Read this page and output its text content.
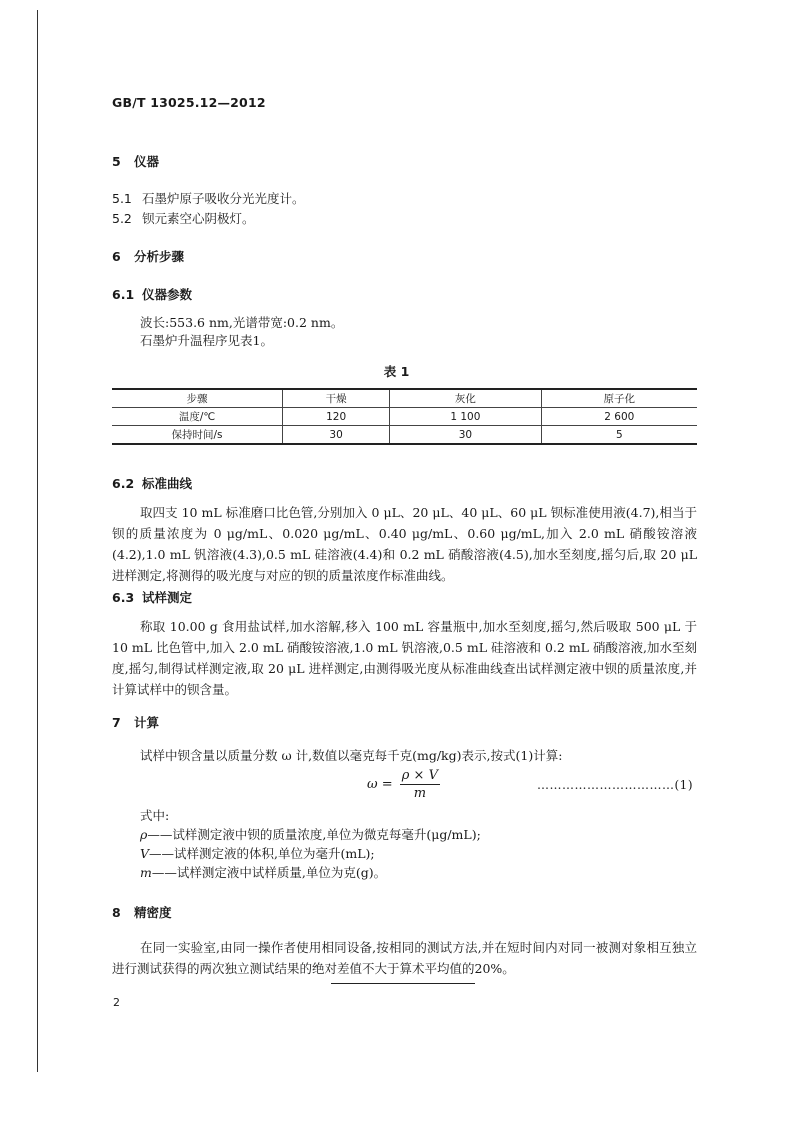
GB/T 13025.12—2012
5 仪器
5.1 石墨炉原子吸收分光光度计。
5.2 钡元素空心阴极灯。
6 分析步骤
6.1 仪器参数
波长:553.6 nm,光谱带宽:0.2 nm。
石墨炉升温程序见表1。
表 1
步骤	干燥	灰化	原子化
温度/℃	120	1 100	2 600
保持时间/s	30	30	5
6.2 标准曲线
取四支 10 mL 标准磨口比色管,分别加入 0 μL、20 μL、40 μL、60 μL 钡标准使用液(4.7),相当于钡的质量浓度为 0 μg/mL、0.020 μg/mL、0.40 μg/mL、0.60 μg/mL,加入 2.0 mL 硝酸铵溶液(4.2),1.0 mL 钒溶液(4.3),0.5 mL 硅溶液(4.4)和 0.2 mL 硝酸溶液(4.5),加水至刻度,摇匀后,取 20 μL 进样测定,将测得的吸光度与对应的钡的质量浓度作标准曲线。
6.3 试样测定
称取 10.00 g 食用盐试样,加水溶解,移入 100 mL 容量瓶中,加水至刻度,摇匀,然后吸取 500 μL 于 10 mL 比色管中,加入 2.0 mL 硝酸铵溶液,1.0 mL 钒溶液,0.5 mL 硅溶液和 0.2 mL 硝酸溶液,加水至刻度,摇匀,制得试样测定液,取 20 μL 进样测定,由测得吸光度从标准曲线查出试样测定液中钡的质量浓度,并计算试样中的钡含量。
7 计算
试样中钡含量以质量分数 ω 计,数值以毫克每千克(mg/kg)表示,按式(1)计算:
$\omega = \frac{\rho \times V}{m}$	……………………………(1)
式中:
ρ——试样测定液中钡的质量浓度,单位为微克每毫升(μg/mL);
V——试样测定液的体积,单位为毫升(mL);
m——试样测定液中试样质量,单位为克(g)。
8 精密度
在同一实验室,由同一操作者使用相同设备,按相同的测试方法,并在短时间内对同一被测对象相互独立进行测试获得的两次独立测试结果的绝对差值不大于算术平均值的20%。
2
